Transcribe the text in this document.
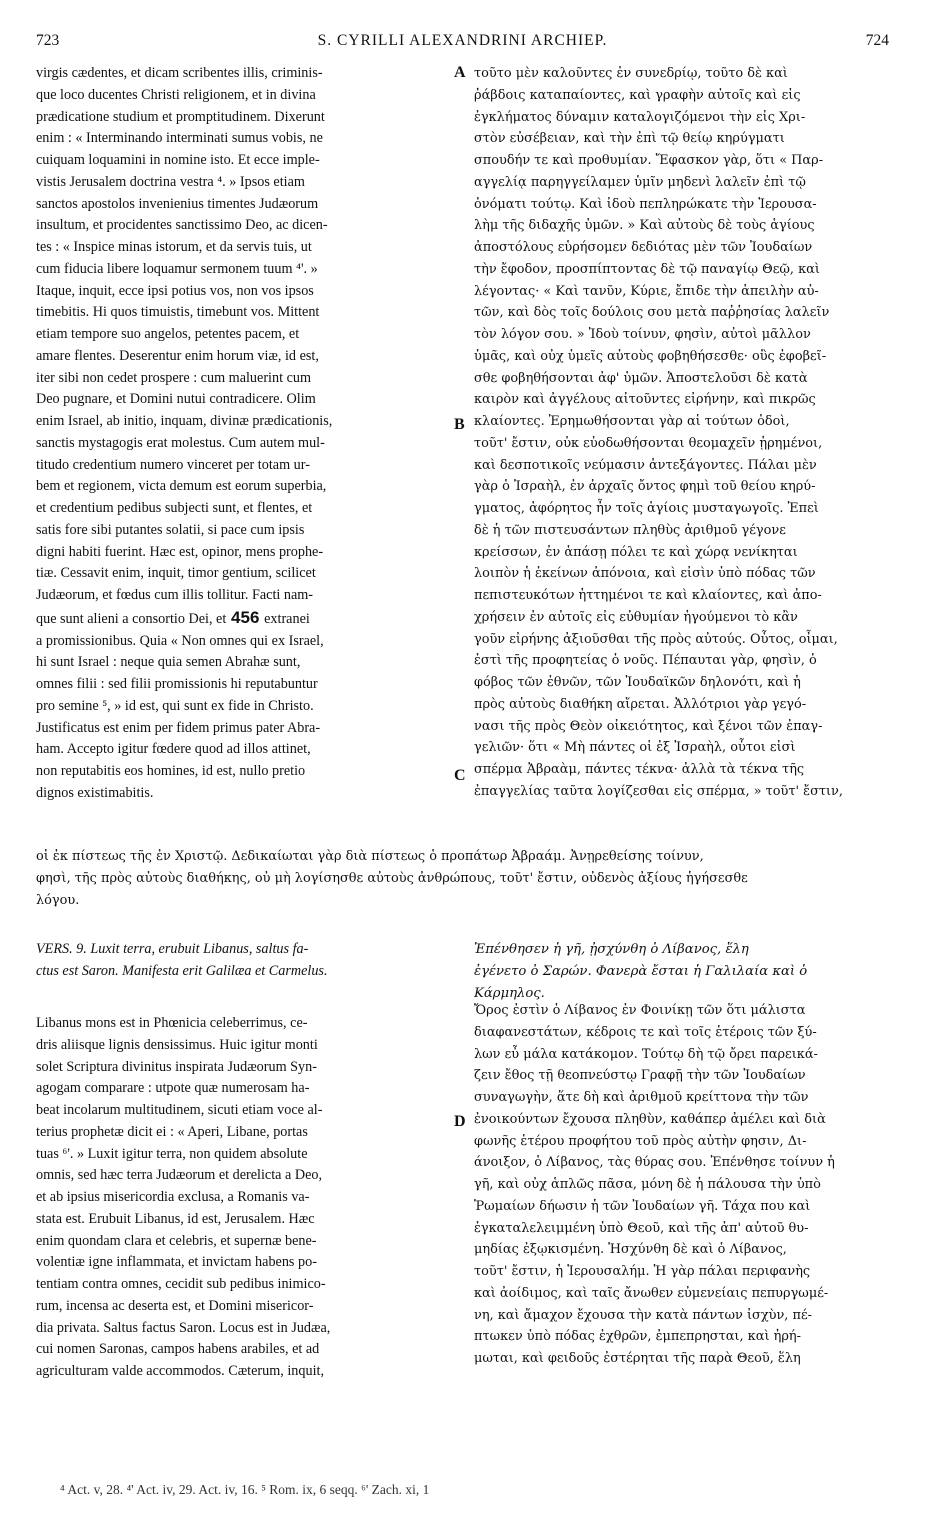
723	S. CYRILLI ALEXANDRINI ARCHIEP.	724
A
B
C
D
virgis cædentes, et dicam scribentes illis, criminis-
que loco ducentes Christi religionem, et in divina
prædicatione studium et promptitudinem. Dixerunt
enim : « Interminando interminati sumus vobis, ne
cuiquam loquamini in nomine isto. Et ecce imple-
vistis Jerusalem doctrina vestra ⁴. » Ipsos etiam
sanctos apostolos invenienius timentes Judæorum
insultum, et procidentes sanctissimo Deo, ac dicen-
tes : « Inspice minas istorum, et da servis tuis, ut
cum fiducia libere loquamur sermonem tuum ⁴'. »
Itaque, inquit, ecce ipsi potius vos, non vos ipsos
timebitis. Hi quos timuistis, timebunt vos. Mittent
etiam tempore suo angelos, petentes pacem, et
amare flentes. Deserentur enim horum viæ, id est,
iter sibi non cedet prospere : cum maluerint cum
Deo pugnare, et Domini nutui contradicere. Olim
enim Israel, ab initio, inquam, divinæ prædicationis,
sanctis mystagogis erat molestus. Cum autem mul-
titudo credentium numero vinceret per totam ur-
bem et regionem, victa demum est eorum superbia,
et credentium pedibus subjecti sunt, et flentes, et
satis fore sibi putantes solatii, si pace cum ipsis
digni habiti fuerint. Hæc est, opinor, mens prophe-
tiæ. Cessavit enim, inquit, timor gentium, scilicet
Judæorum, et fœdus cum illis tollitur. Facti nam-
que sunt alieni a consortio Dei, et 456 extranei
a promissionibus. Quia « Non omnes qui ex Israel,
hi sunt Israel : neque quia semen Abrahæ sunt,
omnes filii : sed filii promissionis hi reputabuntur
pro semine ⁵, » id est, qui sunt ex fide in Christo.
Justificatus est enim per fidem primus pater Abra-
ham. Accepto igitur fœdere quod ad illos attinet,
non reputabitis eos homines, id est, nullo pretio
dignos existimabitis.
τοῦτο μὲν καλοῦντες ἐν συνεδρίῳ, τοῦτο δὲ καὶ
ῥάβδοις καταπαίοντες, καὶ γραφὴν αὐτοῖς καὶ εἰς
ἐγκλήματος δύναμιν καταλογιζόμενοι τὴν εἰς Χρι-
στὸν εὐσέβειαν, καὶ τὴν ἐπὶ τῷ θείῳ κηρύγματι
σπουδήν τε καὶ προθυμίαν. Ἔφασκον γὰρ, ὅτι « Παρ-
αγγελίᾳ παρηγγείλαμεν ὑμῖν μηδενὶ λαλεῖν ἐπὶ τῷ
ὀνόματι τούτῳ. Καὶ ἰδοὺ πεπληρώκατε τὴν Ἱερουσα-
λὴμ τῆς διδαχῆς ὑμῶν. » Καὶ αὐτοὺς δὲ τοὺς ἁγίους
ἀποστόλους εὑρήσομεν δεδιότας μὲν τῶν Ἰουδαίων
τὴν ἔφοδον, προσπίπτοντας δὲ τῷ παναγίῳ Θεῷ, καὶ
λέγοντας· « Καὶ τανῦν, Κύριε, ἔπιδε τὴν ἀπειλὴν αὐ-
τῶν, καὶ δὸς τοῖς δούλοις σου μετὰ παῤῥησίας λαλεῖν
τὸν λόγον σου. » Ἰδοὺ τοίνυν, φησὶν, αὐτοὶ μᾶλλον
ὑμᾶς, καὶ οὐχ ὑμεῖς αὐτοὺς φοβηθήσεσθε· οὓς ἐφοβεῖ-
σθε φοβηθήσονται ἀφ' ὑμῶν. Ἀποστελοῦσι δὲ κατὰ
καιρὸν καὶ ἀγγέλους αἰτοῦντες εἰρήνην, καὶ πικρῶς
κλαίοντες. Ἐρημωθήσονται γὰρ αἱ τούτων ὁδοὶ,
τοῦτ' ἔστιν, οὐκ εὐοδωθήσονται θεομαχεῖν ᾑρημένοι,
καὶ δεσποτικοῖς νεύμασιν ἀντεξάγοντες. Πάλαι μὲν
γὰρ ὁ Ἰσραὴλ, ἐν ἀρχαῖς ὄντος φημὶ τοῦ θείου κηρύ-
γματος, ἀφόρητος ἦν τοῖς ἁγίοις μυσταγωγοῖς. Ἐπεὶ
δὲ ἡ τῶν πιστευσάντων πληθὺς ἀριθμοῦ γέγονε
κρείσσων, ἐν ἁπάσῃ πόλει τε καὶ χώρᾳ νενίκηται
λοιπὸν ἡ ἐκείνων ἀπόνοια, καὶ εἰσὶν ὑπὸ πόδας τῶν
πεπιστευκότων ἡττημένοι τε καὶ κλαίοντες, καὶ ἀπο-
χρήσειν ἐν αὐτοῖς εἰς εὐθυμίαν ἡγούμενοι τὸ κἂν
γοῦν εἰρήνης ἀξιοῦσθαι τῆς πρὸς αὐτούς. Οὗτος, οἶμαι,
ἐστὶ τῆς προφητείας ὁ νοῦς. Πέπαυται γὰρ, φησὶν, ὁ
φόβος τῶν ἐθνῶν, τῶν Ἰουδαϊκῶν δηλονότι, καὶ ἡ
πρὸς αὐτοὺς διαθήκη αἴρεται. Ἀλλότριοι γὰρ γεγό-
νασι τῆς πρὸς Θεὸν οἰκειότητος, καὶ ξένοι τῶν ἐπαγ-
γελιῶν· ὅτι « Μὴ πάντες οἱ ἐξ Ἰσραὴλ, οὗτοι εἰσὶ
σπέρμα Ἀβραὰμ, πάντες τέκνα· ἀλλὰ τὰ τέκνα τῆς
ἐπαγγελίας ταῦτα λογίζεσθαι εἰς σπέρμα, » τοῦτ' ἔστιν,
οἱ ἐκ πίστεως τῆς ἐν Χριστῷ. Δεδικαίωται γὰρ διὰ πίστεως ὁ προπάτωρ Ἀβραάμ. Ἀνῃρεθείσης τοίνυν,
φησὶ, τῆς πρὸς αὐτοὺς διαθήκης, οὐ μὴ λογίσησθε αὐτοὺς ἀνθρώπους, τοῦτ' ἔστιν, οὐδενὸς ἀξίους ἡγήσεσθε
λόγου.
VERS. 9. Luxit terra, erubuit Libanus, saltus fa-
ctus est Saron. Manifesta erit Galilæa et Carmelus.
Ἐπένθησεν ἡ γῆ, ᾐσχύνθη ὁ Λίβανος, ἕλη
ἐγένετο ὁ Σαρών. Φανερὰ ἔσται ἡ Γαλιλαία καὶ ὁ
Κάρμηλος.
Libanus mons est in Phœnicia celeberrimus, ce-
dris aliisque lignis densissimus. Huic igitur monti
solet Scriptura divinitus inspirata Judæorum Syn-
agogam comparare : utpote quæ numerosam ha-
beat incolarum multitudinem, sicuti etiam voce al-
terius prophetæ dicit ei : « Aperi, Libane, portas
tuas ⁶'. » Luxit igitur terra, non quidem absolute
omnis, sed hæc terra Judæorum et derelicta a Deo,
et ab ipsius misericordia exclusa, a Romanis va-
stata est. Erubuit Libanus, id est, Jerusalem. Hæc
enim quondam clara et celebris, et supernæ bene-
volentiæ igne inflammata, et invictam habens po-
tentiam contra omnes, cecidit sub pedibus inimico-
rum, incensa ac deserta est, et Domini misericor-
dia privata. Saltus factus Saron. Locus est in Judæa,
cui nomen Saronas, campos habens arabiles, et ad
agriculturam valde accommodos. Cæterum, inquit,
Ὄρος ἐστὶν ὁ Λίβανος ἐν Φοινίκῃ τῶν ὅτι μάλιστα
διαφανεστάτων, κέδροις τε καὶ τοῖς ἑτέροις τῶν ξύ-
λων εὖ μάλα κατάκομον. Τούτῳ δὴ τῷ ὄρει παρεικά-
ζειν ἔθος τῇ θεοπνεύστῳ Γραφῇ τὴν τῶν Ἰουδαίων
συναγωγὴν, ἅτε δὴ καὶ ἀριθμοῦ κρείττονα τὴν τῶν
ἐνοικούντων ἔχουσα πληθὺν, καθάπερ ἀμέλει καὶ διὰ
φωνῆς ἑτέρου προφήτου τοῦ πρὸς αὐτὴν φησιν, Δι-
άνοιξον, ὁ Λίβανος, τὰς θύρας σου. Ἐπένθησε τοίνυν ἡ
γῆ, καὶ οὐχ ἁπλῶς πᾶσα, μόνη δὲ ἡ πάλουσα τὴν ὑπὸ
Ῥωμαίων δήωσιν ἡ τῶν Ἰουδαίων γῆ. Τάχα που καὶ
ἐγκαταλελειμμένη ὑπὸ Θεοῦ, καὶ τῆς ἀπ' αὐτοῦ θυ-
μηδίας ἐξῳκισμένη. Ἠσχύνθη δὲ καὶ ὁ Λίβανος,
τοῦτ' ἔστιν, ἡ Ἱερουσαλήμ. Ἡ γὰρ πάλαι περιφανὴς
καὶ ἀοίδιμος, καὶ ταῖς ἄνωθεν εὐμενείαις πεπυργωμέ-
νη, καὶ ἄμαχον ἔχουσα τὴν κατὰ πάντων ἰσχὺν, πέ-
πτωκεν ὑπὸ πόδας ἐχθρῶν, ἐμπεπρησται, καὶ ἠρή-
μωται, καὶ φειδοῦς ἐστέρηται τῆς παρὰ Θεοῦ, ἕλη
⁴ Act. v, 28. ⁴' Act. iv, 29. Act. iv, 16. ⁵ Rom. ix, 6 seqq. ⁶' Zach. xi, 1
